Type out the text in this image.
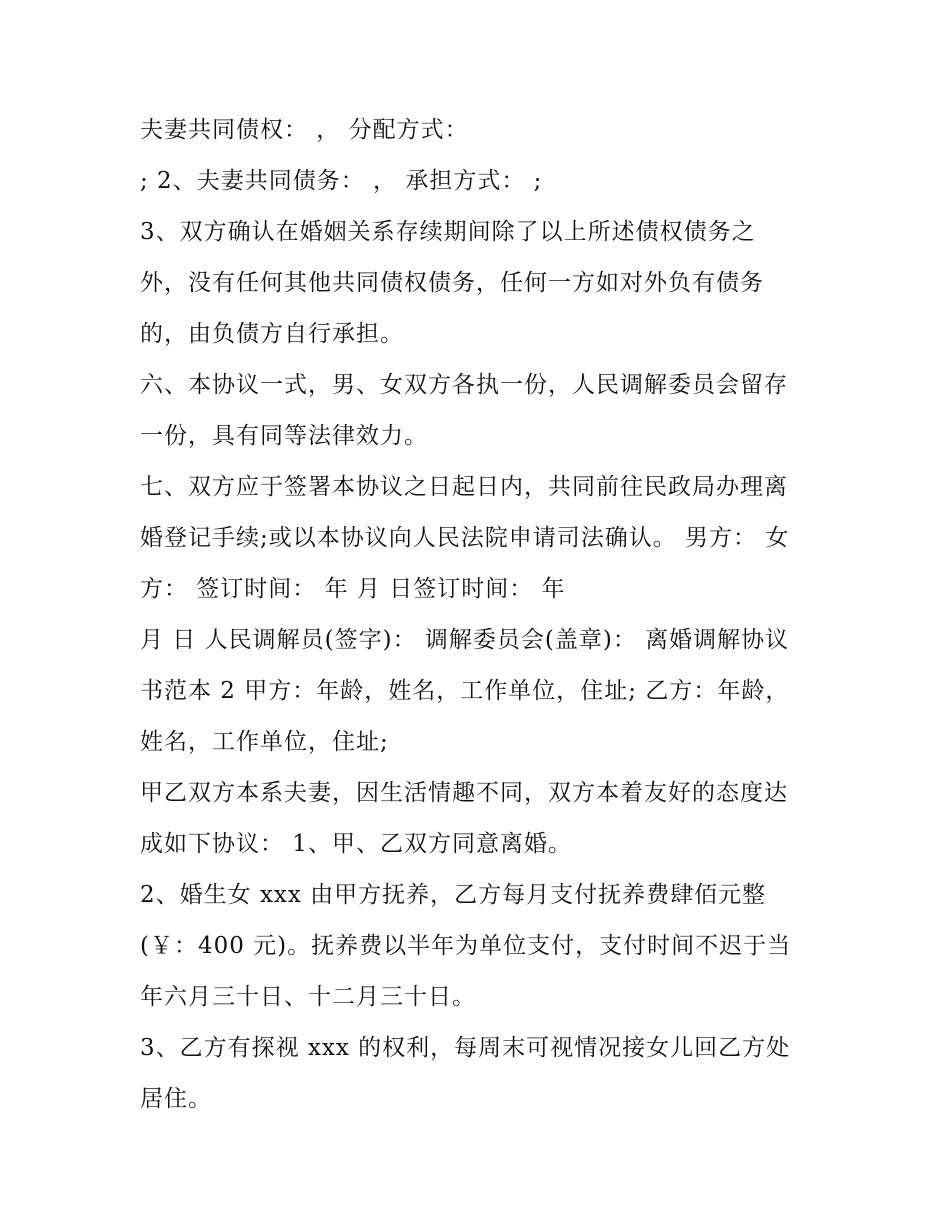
夫妻共同债权： ， 分配方式：
; 2、夫妻共同债务： ， 承担方式： ;
3、双方确认在婚姻关系存续期间除了以上所述债权债务之
外，没有任何其他共同债权债务，任何一方如对外负有债务
的，由负债方自行承担。
六、本协议一式，男、女双方各执一份，人民调解委员会留存
一份，具有同等法律效力。
七、双方应于签署本协议之日起日内，共同前往民政局办理离
婚登记手续;或以本协议向人民法院申请司法确认。 男方： 女
方： 签订时间： 年 月 日签订时间： 年
月 日 人民调解员(签字)： 调解委员会(盖章)： 离婚调解协议
书范本 2 甲方：年龄，姓名，工作单位，住址; 乙方：年龄，
姓名，工作单位，住址;
甲乙双方本系夫妻，因生活情趣不同，双方本着友好的态度达
成如下协议： 1、甲、乙双方同意离婚。
2、婚生女 xxx 由甲方抚养，乙方每月支付抚养费肆佰元整
(￥：400 元)。抚养费以半年为单位支付，支付时间不迟于当
年六月三十日、十二月三十日。
3、乙方有探视 xxx 的权利，每周末可视情况接女儿回乙方处
居住。
